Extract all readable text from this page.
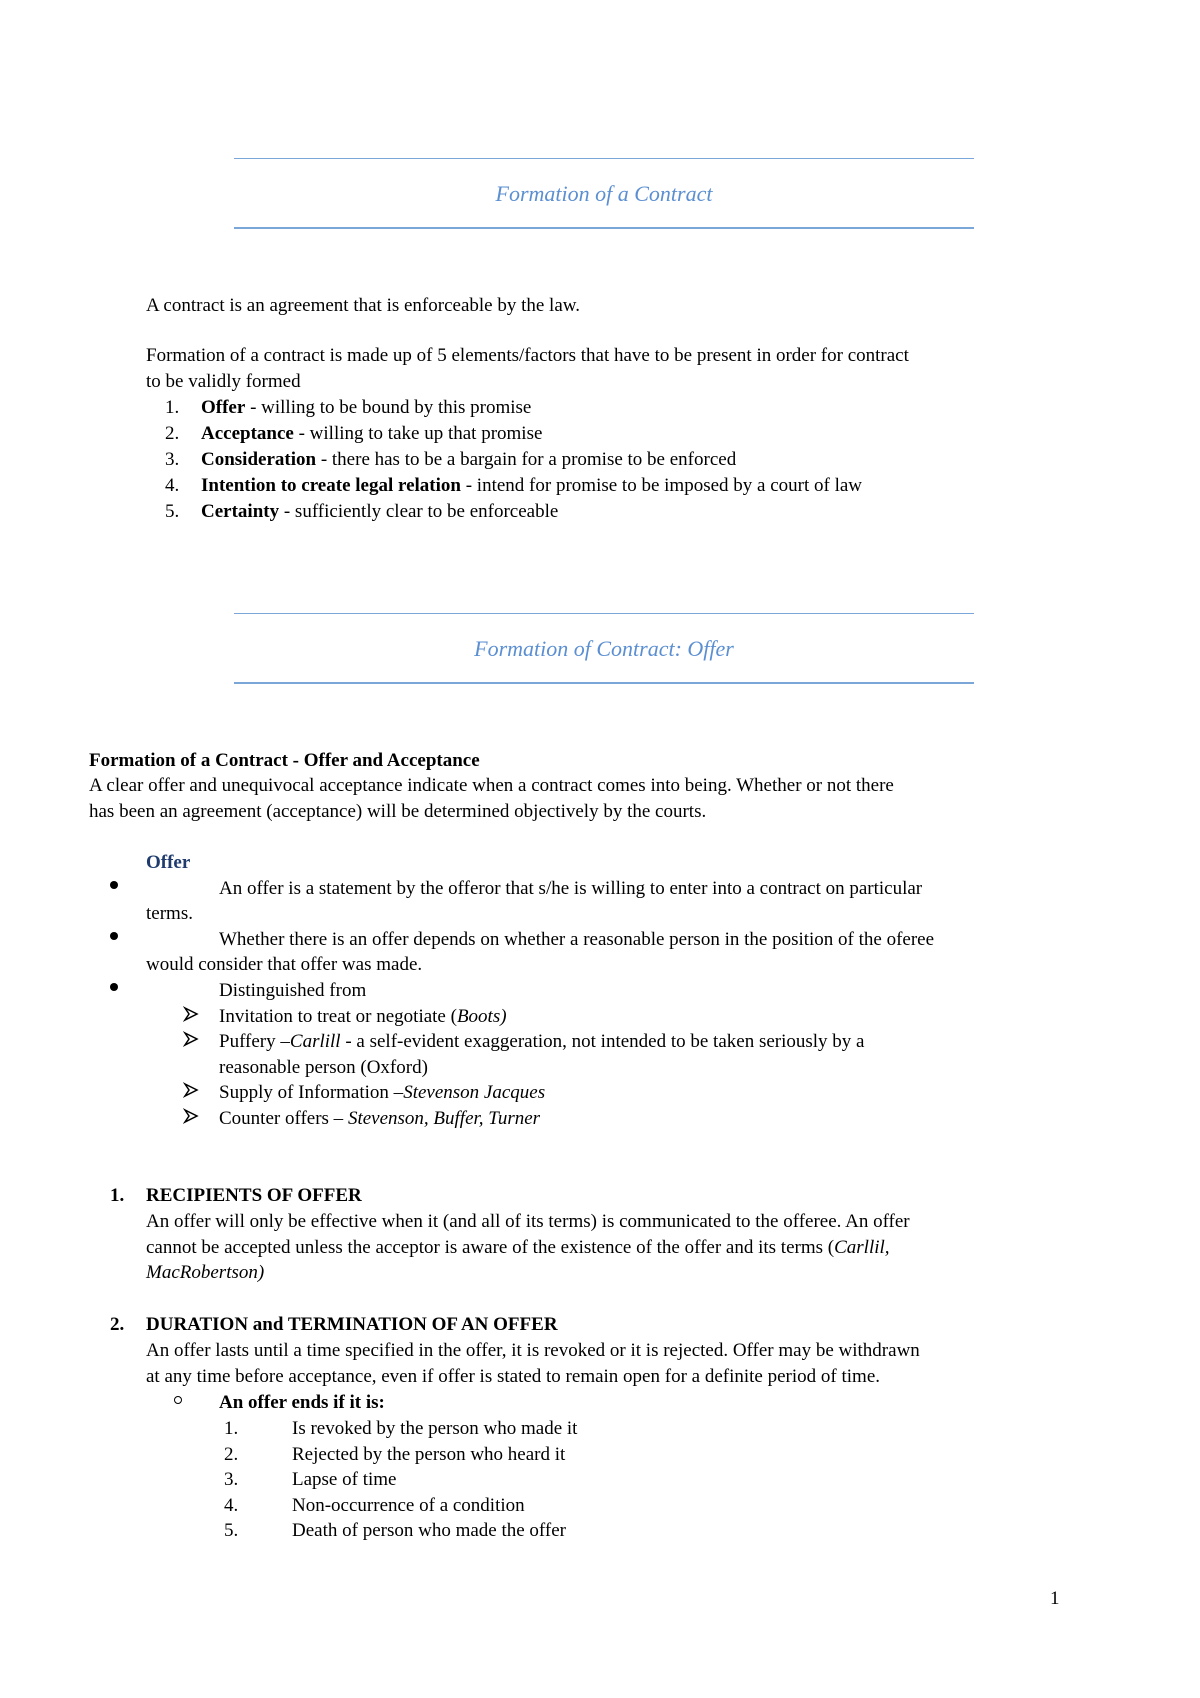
Formation of a Contract
A contract is an agreement that is enforceable by the law.
Formation of a contract is made up of 5 elements/factors that have to be present in order for contract
to be validly formed
1. Offer - willing to be bound by this promise
2. Acceptance - willing to take up that promise
3. Consideration - there has to be a bargain for a promise to be enforced
4. Intention to create legal relation - intend for promise to be imposed by a court of law
5. Certainty - sufficiently clear to be enforceable
Formation of Contract: Offer
Formation of a Contract - Offer and Acceptance
A clear offer and unequivocal acceptance indicate when a contract comes into being. Whether or not there
has been an agreement (acceptance) will be determined objectively by the courts.
Offer
An offer is a statement by the offeror that s/he is willing to enter into a contract on particular
terms.
Whether there is an offer depends on whether a reasonable person in the position of the oferee
would consider that offer was made.
Distinguished from
Invitation to treat or negotiate (Boots)
Puffery –Carlill - a self-evident exaggeration, not intended to be taken seriously by a
reasonable person (Oxford)
Supply of Information –Stevenson Jacques
Counter offers – Stevenson, Buffer, Turner
1. RECIPIENTS OF OFFER
An offer will only be effective when it (and all of its terms) is communicated to the offeree. An offer
cannot be accepted unless the acceptor is aware of the existence of the offer and its terms (Carllil,
MacRobertson)
2. DURATION and TERMINATION OF AN OFFER
An offer lasts until a time specified in the offer, it is revoked or it is rejected. Offer may be withdrawn
at any time before acceptance, even if offer is stated to remain open for a definite period of time.
An offer ends if it is:
1.	Is revoked by the person who made it
2.	Rejected by the person who heard it
3.	Lapse of time
4.	Non-occurrence of a condition
5.	Death of person who made the offer
1
